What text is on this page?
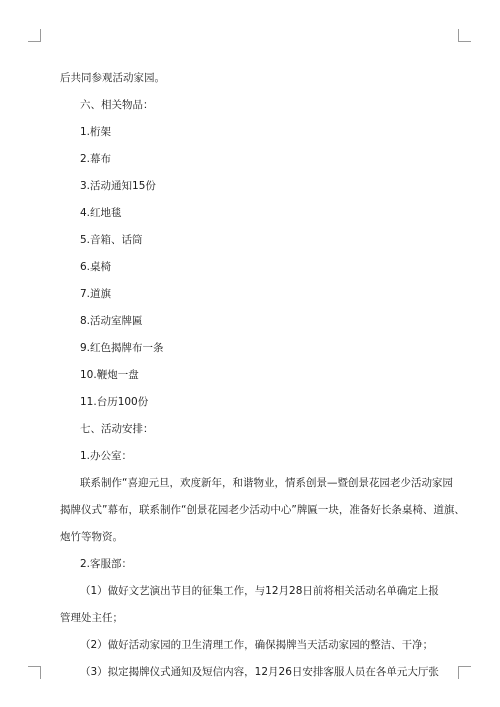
后共同参观活动家园。

六、相关物品：

1.桁架

2.幕布

3.活动通知15份

4.红地毯

5.音箱、话筒

6.桌椅

7.道旗

8.活动室牌匾

9.红色揭牌布一条

10.鞭炮一盘

11.台历100份

七、活动安排：

1.办公室：

联系制作“喜迎元旦，欢度新年，和谐物业，情系创景—暨创景花园老少活动家园

揭牌仪式”幕布，联系制作“创景花园老少活动中心”牌匾一块，准备好长条桌椅、道旗、

炮竹等物资。

2.客服部：

（1）做好文艺演出节目的征集工作，与12月28日前将相关活动名单确定上报

管理处主任；

（2）做好活动家园的卫生清理工作，确保揭牌当天活动家园的整洁、干净；

（3）拟定揭牌仪式通知及短信内容，12月26日安排客服人员在各单元大厅张
